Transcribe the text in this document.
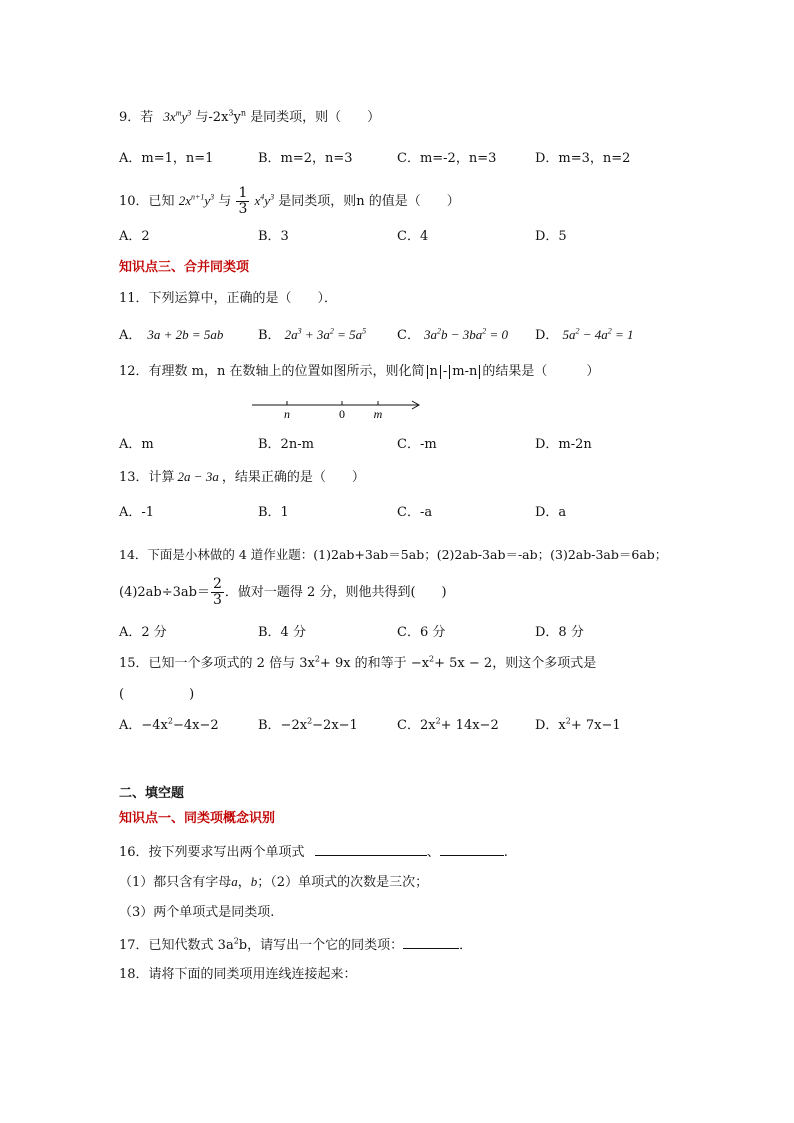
9．若 $3x^my^3$ 与$-2x^3y^n$ 是同类项，则（　　）
A．m=1，n=1	B．m=2，n=3	C．m=-2，n=3	D．m=3，n=2
10．已知 $2x^{n+1}y^3$ 与 $\frac{1}{3} x^4y^3$ 是同类项，则n 的值是（　　）
A．2	B．3	C．4	D．5
知识点三、合并同类项
11．下列运算中，正确的是（　　）．
A． 3a + 2b = 5ab	B． $2a^3 + 3a^2 = 5a^5$ C． $3a^2b - 3ba^2 = 0$ D． $5a^2 - 4a^2 = 1$
12．有理数 m，n 在数轴上的位置如图所示，则化简 n - m-n 的结果是（　　　）
n	0 m
A．m	B．2n-m	C．-m	D．m-2n
13．计算 2a − 3a ，结果正确的是（　　）
A．-1	B．1	C．-a	D．a
14．下面是小林做的 4 道作业题：(1)2ab+3ab＝5ab；(2)2ab-3ab＝-ab；(3)2ab-3ab＝6ab；
$(4)2ab\div 3ab= \frac{2}{3}$ ．做对一题得 2 分，则他共得到(　　)
A．2 分	B．4 分	C．6 分	D．8 分
15．已知一个多项式的 2 倍与 $3x^2+ 9x$ 的和等于 $-x^2+ 5x - 2$，则这个多项式是
(　　　　　)
A．$-4x^2-4x-2$	B．$-2x^2-2x-1$	C．$2x^2+ 14x-2$	D．$x^2+ 7x-1$
二、填空题
知识点一、同类项概念识别
16．按下列要求写出两个单项式	、	.
（1）都只含有字母a，b；（2）单项式的次数是三次；
（3）两个单项式是同类项.
17．已知代数式 $3a^2b$，请写出一个它的同类项：	．
18．请将下面的同类项用连线连接起来：
